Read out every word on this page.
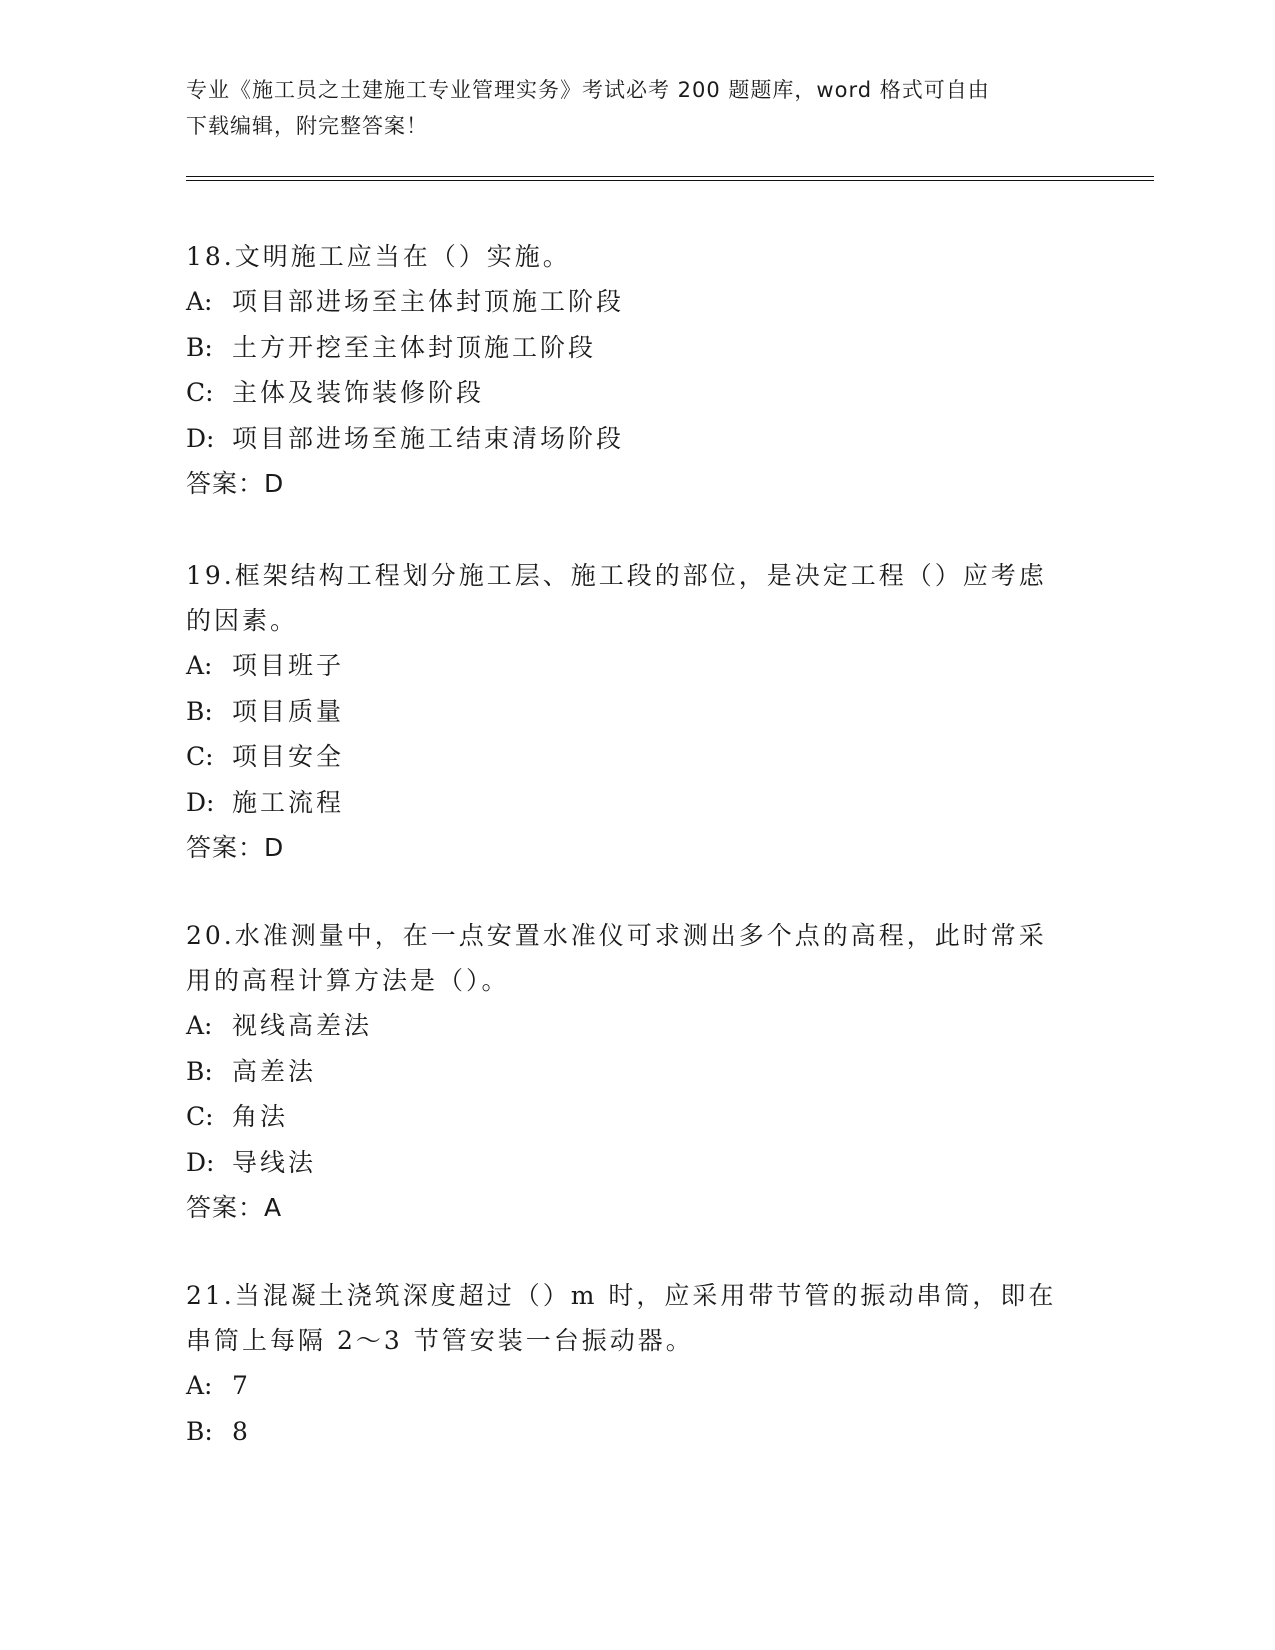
专业《施工员之土建施工专业管理实务》考试必考 200 题题库，word 格式可自由
下载编辑，附完整答案！
18.文明施工应当在（）实施。
A: 项目部进场至主体封顶施工阶段
B: 土方开挖至主体封顶施工阶段
C: 主体及装饰装修阶段
D: 项目部进场至施工结束清场阶段
答案：D
19.框架结构工程划分施工层、施工段的部位，是决定工程（）应考虑
的因素。
A: 项目班子
B: 项目质量
C: 项目安全
D: 施工流程
答案：D
20.水准测量中，在一点安置水准仪可求测出多个点的高程，此时常采
用的高程计算方法是（）。
A: 视线高差法
B: 高差法
C: 角法
D: 导线法
答案：A
21.当混凝土浇筑深度超过（）m 时，应采用带节管的振动串筒，即在
串筒上每隔 2～3 节管安装一台振动器。
A: 7
B: 8
